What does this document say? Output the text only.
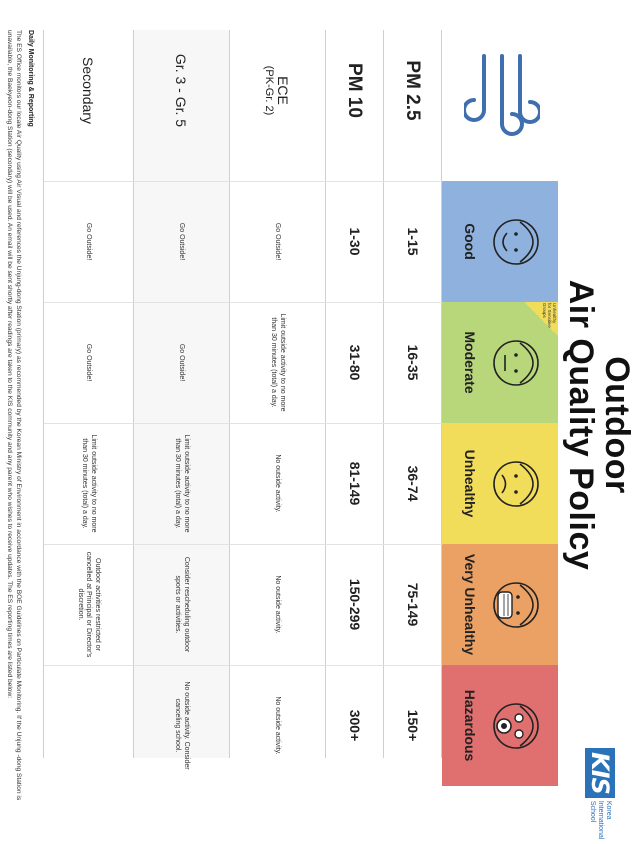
KIS
Korea
International
School
Outdoor
Air Quality Policy
Good
Moderate
Unhealthy for Sensitive Groups
Unhealthy
Very Unhealthy
Hazardous
PM 2.5
1-15
16-35
36-74
75-149
150+
PM 10
1-30
31-80
81-149
150-299
300+
ECE
(PK-Gr. 2)
Go Outside!
Limit outside activity to no more than 30 minutes (total) a day.
No outside activity.
No outside activity.
No outside activity.
Gr. 3 - Gr. 5
Go Outside!
Go Outside!
Limit outside activity to no more than 30 minutes (total) a day.
Consider rescheduling outdoor sports or activities.
No outside activity. Consider canceling school.
Secondary
Go Outside!
Go Outside!
Limit outside activity to no more than 30 minutes (total) a day.
Outdoor activities restricted or cancelled at Principal or Director's discretion.
Daily Monitoring & Reporting
The ES Office monitors our locale Air Quality using Air Visual and references the Unjung-dong Station (primary) as recommended by the Korean Ministry of Environment in accordance with the BOE Guidelines on Particulate Monitoring. If the Unjung -dong Station is unavailable, the Baekyeon-dong Station (secondary) will be used. An email will be sent shortly after readings are taken to the KIS community and any parent who wishes to receive updates. The ES reporting times are listed below:
